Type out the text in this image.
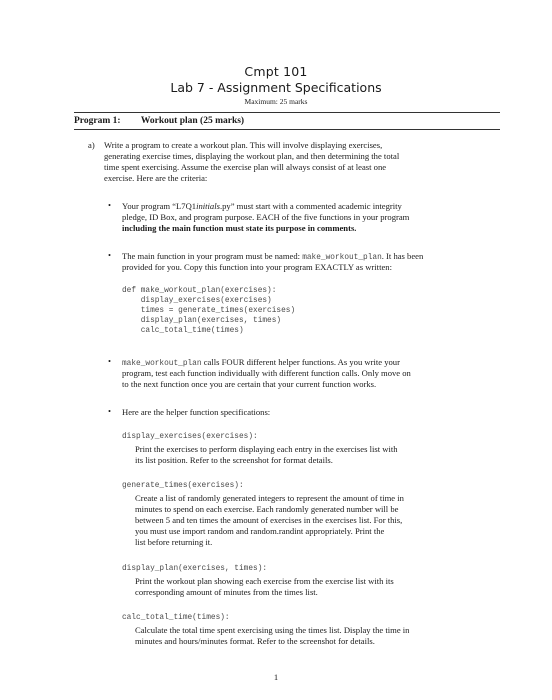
Cmpt 101
Lab 7 - Assignment Specifications
Maximum: 25 marks
Program 1: Workout plan (25 marks)
a) Write a program to create a workout plan. This will involve displaying exercises,
generating exercise times, displaying the workout plan, and then determining the total
time spent exercising. Assume the exercise plan will always consist of at least one
exercise. Here are the criteria:
• Your program “L7Q1initials.py” must start with a commented academic integrity
pledge, ID Box, and program purpose. EACH of the five functions in your program
including the main function must state its purpose in comments.
• The main function in your program must be named: make_workout_plan. It has been
provided for you. Copy this function into your program EXACTLY as written:
def make_workout_plan(exercises):
display_exercises(exercises)
times = generate_times(exercises)
display_plan(exercises, times)
calc_total_time(times)
• make_workout_plan calls FOUR different helper functions. As you write your
program, test each function individually with different function calls. Only move on
to the next function once you are certain that your current function works.
• Here are the helper function specifications:
display_exercises(exercises):
Print the exercises to perform displaying each entry in the exercises list with
its list position. Refer to the screenshot for format details.
generate_times(exercises):
Create a list of randomly generated integers to represent the amount of time in
minutes to spend on each exercise. Each randomly generated number will be
between 5 and ten times the amount of exercises in the exercises list. For this,
you must use import random and random.randint appropriately. Print the
list before returning it.
display_plan(exercises, times):
Print the workout plan showing each exercise from the exercise list with its
corresponding amount of minutes from the times list.
calc_total_time(times):
Calculate the total time spent exercising using the times list. Display the time in
minutes and hours/minutes format. Refer to the screenshot for details.
1
